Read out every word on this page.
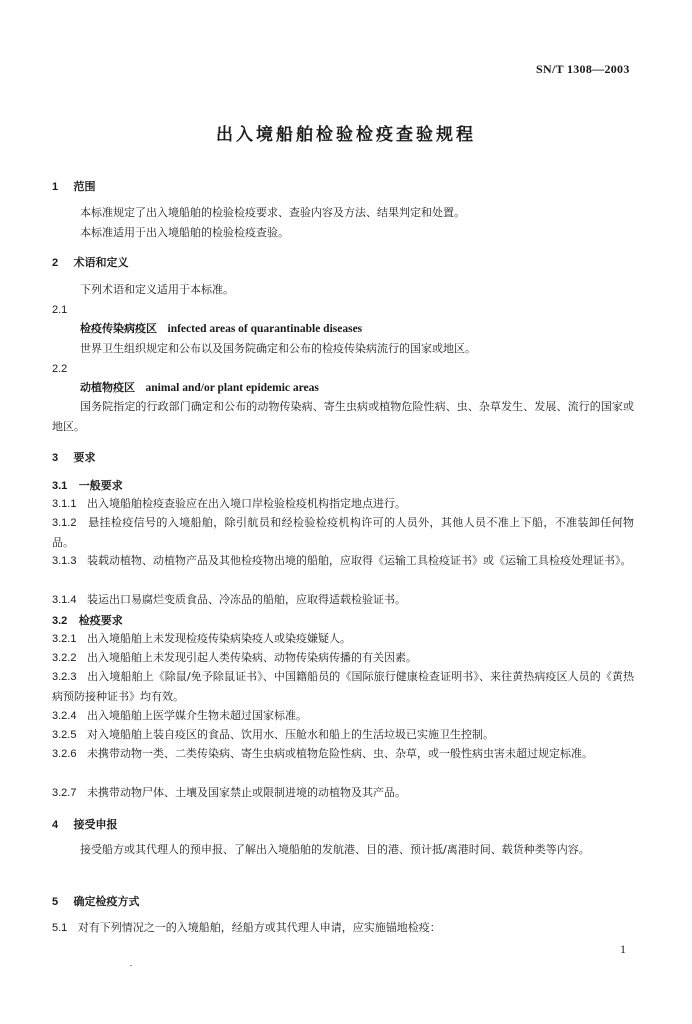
SN/T 1308—2003
出入境船舶检验检疫查验规程
1 范围
本标准规定了出入境船舶的检验检疫要求、查验内容及方法、结果判定和处置。
本标准适用于出入境船舶的检验检疫查验。
2 术语和定义
下列术语和定义适用于本标准。
2.1
检疫传染病疫区 infected areas of quarantinable diseases
世界卫生组织规定和公布以及国务院确定和公布的检疫传染病流行的国家或地区。
2.2
动植物疫区 animal and/or plant epidemic areas
国务院指定的行政部门确定和公布的动物传染病、寄生虫病或植物危险性病、虫、杂草发生、发展、流行的国家或地区。
3 要求
3.1 一般要求
3.1.1 出入境船舶检疫查验应在出入境口岸检验检疫机构指定地点进行。
3.1.2 悬挂检疫信号的入境船舶，除引航员和经检验检疫机构许可的人员外，其他人员不准上下船，不准装卸任何物品。
3.1.3 装载动植物、动植物产品及其他检疫物出境的船舶，应取得《运输工具检疫证书》或《运输工具检疫处理证书》。
3.1.4 装运出口易腐烂变质食品、冷冻品的船舶，应取得适载检验证书。
3.2 检疫要求
3.2.1 出入境船舶上未发现检疫传染病染疫人或染疫嫌疑人。
3.2.2 出入境船舶上未发现引起人类传染病、动物传染病传播的有关因素。
3.2.3 出入境船舶上《除鼠/免予除鼠证书》、中国籍船员的《国际旅行健康检查证明书》、来往黄热病疫区人员的《黄热病预防接种证书》均有效。
3.2.4 出入境船舶上医学媒介生物未超过国家标准。
3.2.5 对入境船舶上装自疫区的食品、饮用水、压舱水和船上的生活垃圾已实施卫生控制。
3.2.6 未携带动物一类、二类传染病、寄生虫病或植物危险性病、虫、杂草，或一般性病虫害未超过规定标准。
3.2.7 未携带动物尸体、土壤及国家禁止或限制进境的动植物及其产品。
4 接受申报
接受船方或其代理人的预申报、了解出入境船舶的发航港、目的港、预计抵/离港时间、载货种类等内容。
5 确定检疫方式
5.1 对有下列情况之一的入境船舶，经船方或其代理人申请，应实施锚地检疫：
1
